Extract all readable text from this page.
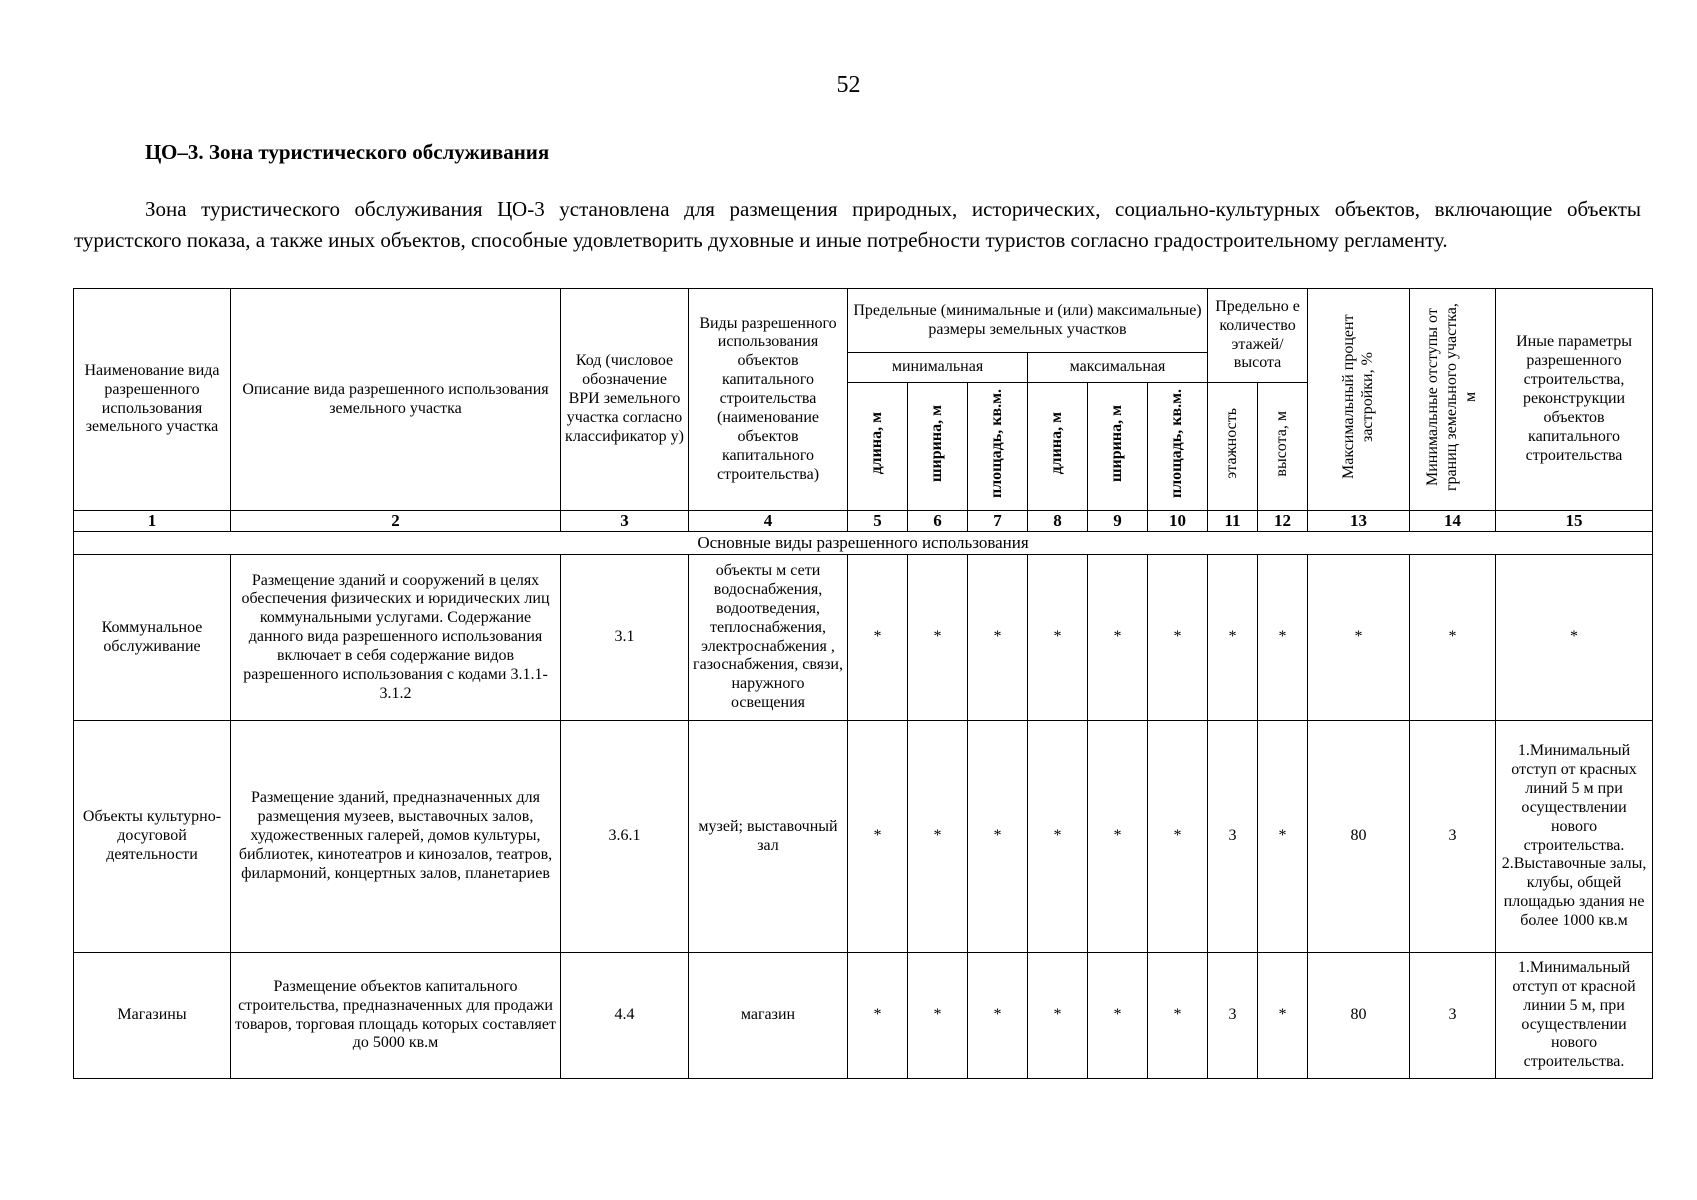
52
ЦО–3. Зона туристического обслуживания

Зона туристического обслуживания ЦО-3 установлена для размещения природных, исторических, социально-культурных объектов, включающие объекты туристского показа, а также иных объектов, способные удовлетворить духовные и иные потребности туристов согласно градостроительному регламенту.

Наименование вида разрешенного использования земельного участка	Описание вида разрешенного использования земельного участка	Код (числовое обозначение ВРИ земельного участка согласно классификатор у)	Виды разрешенного использования объектов капитального строительства (наименование объектов капитального строительства)	Предельные (минимальные и (или) максимальные) размеры земельных участков						Предельно е количество этажей/ высота		Максимальный процент застройки, %	Минимальные отступы от границ земельного участка, м	Иные параметры разрешенного строительства, реконструкции объектов капитального строительства
				минимальная			максимальная							
				длина, м	ширина, м	площадь, кв.м.	длина, м	ширина, м	площадь, кв.м.	этажность	высота, м			
1	2	3	4	5	6	7	8	9	10	11	12	13	14	15
Основные виды разрешенного использования														
Коммунальное обслуживание	Размещение зданий и сооружений в целях обеспечения физических и юридических лиц коммунальными услугами. Содержание данного вида разрешенного использования включает в себя содержание видов разрешенного использования с кодами 3.1.1-3.1.2	3.1	объекты м сети водоснабжения, водоотведения, теплоснабжения, электроснабжения , газоснабжения, связи, наружного освещения	*	*	*	*	*	*	*	*	*	*	*
Объекты культурно-досуговой деятельности	Размещение зданий, предназначенных для размещения музеев, выставочных залов, художественных галерей, домов культуры, библиотек, кинотеатров и кинозалов, театров, филармоний, концертных залов, планетариев	3.6.1	музей; выставочный зал	*	*	*	*	*	*	3	*	80	3	1.Минимальный отступ от красных линий 5 м при осуществлении нового строительства. 2.Выставочные залы, клубы, общей площадью здания не более 1000 кв.м
Магазины	Размещение объектов капитального строительства, предназначенных для продажи товаров, торговая площадь которых составляет до 5000 кв.м	4.4	магазин	*	*	*	*	*	*	3	*	80	3	1.Минимальный отступ от красной линии 5 м, при осуществлении нового строительства.
